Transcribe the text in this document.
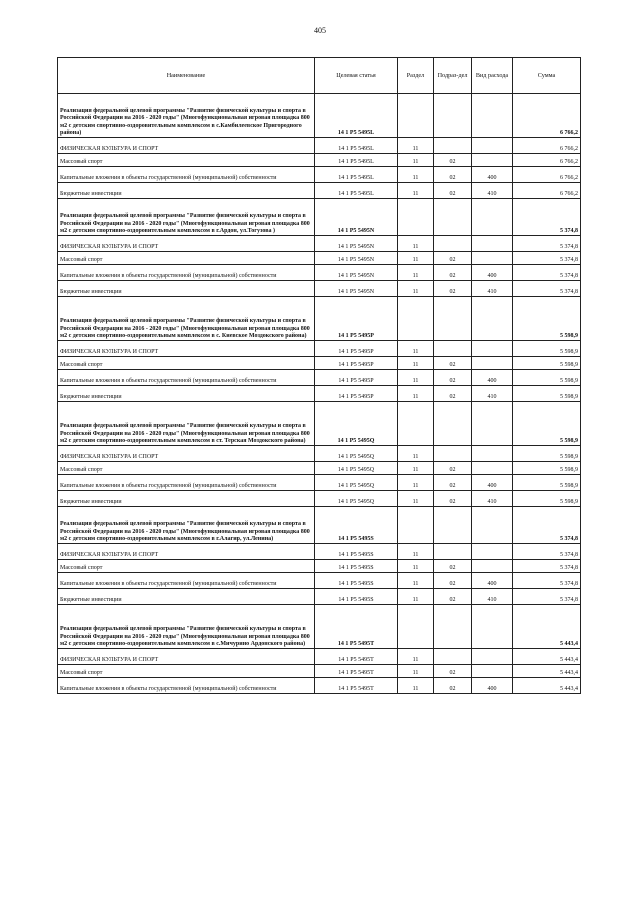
405
Наименование	Целевая статья	Раздел	Подраз-дел	Вид расхода	Сумма
Реализация федеральной целевой программы "Развитие физической культуры и спорта в Российской Федерации на 2016 - 2020 годы" (Многофункциональная игровая площадка 800 м2 с детским спортивно-оздоровительным комплексом в с.Камбилеевское Пригородного района)	14 1 P5 5495L				6 766,2
ФИЗИЧЕСКАЯ КУЛЬТУРА И СПОРТ	14 1 P5 5495L	11			6 766,2
Массовый спорт	14 1 P5 5495L	11	02		6 766,2
Капитальные вложения в объекты государственной (муниципальной) собственности	14 1 P5 5495L	11	02	400	6 766,2
Бюджетные инвестиции	14 1 P5 5495L	11	02	410	6 766,2
Реализация федеральной целевой программы "Развитие физической культуры и спорта в Российской Федерации на 2016 - 2020 годы" (Многофункциональная игровая площадка 800 м2 с детским спортивно-оздоровительным комплексом в г.Ардон, ул.Тогузова )	14 1 P5 5495N				5 374,8
ФИЗИЧЕСКАЯ КУЛЬТУРА И СПОРТ	14 1 P5 5495N	11			5 374,8
Массовый спорт	14 1 P5 5495N	11	02		5 374,8
Капитальные вложения в объекты государственной (муниципальной) собственности	14 1 P5 5495N	11	02	400	5 374,8
Бюджетные инвестиции	14 1 P5 5495N	11	02	410	5 374,8
Реализация федеральной целевой программы "Развитие физической культуры и спорта в Российской Федерации на 2016 - 2020 годы" (Многофункциональная игровая площадка 800 м2 с детским спортивно-оздоровительным комплексом в с. Киевское Моздокского района)	14 1 P5 5495P				5 598,9
ФИЗИЧЕСКАЯ КУЛЬТУРА И СПОРТ	14 1 P5 5495P	11			5 598,9
Массовый спорт	14 1 P5 5495P	11	02		5 598,9
Капитальные вложения в объекты государственной (муниципальной) собственности	14 1 P5 5495P	11	02	400	5 598,9
Бюджетные инвестиции	14 1 P5 5495P	11	02	410	5 598,9
Реализация федеральной целевой программы "Развитие физической культуры и спорта в Российской Федерации на 2016 - 2020 годы" (Многофункциональная игровая площадка 800 м2 с детским спортивно-оздоровительным комплексом в ст. Терская Моздокского района)	14 1 P5 5495Q				5 598,9
ФИЗИЧЕСКАЯ КУЛЬТУРА И СПОРТ	14 1 P5 5495Q	11			5 598,9
Массовый спорт	14 1 P5 5495Q	11	02		5 598,9
Капитальные вложения в объекты государственной (муниципальной) собственности	14 1 P5 5495Q	11	02	400	5 598,9
Бюджетные инвестиции	14 1 P5 5495Q	11	02	410	5 598,9
Реализация федеральной целевой программы "Развитие физической культуры и спорта в Российской Федерации на 2016 - 2020 годы" (Многофункциональная игровая площадка 800 м2 с детским спортивно-оздоровительным комплексом в г.Алагир, ул.Ленина)	14 1 P5 5495S				5 374,8
ФИЗИЧЕСКАЯ КУЛЬТУРА И СПОРТ	14 1 P5 5495S	11			5 374,8
Массовый спорт	14 1 P5 5495S	11	02		5 374,8
Капитальные вложения в объекты государственной (муниципальной) собственности	14 1 P5 5495S	11	02	400	5 374,8
Бюджетные инвестиции	14 1 P5 5495S	11	02	410	5 374,8
Реализация федеральной целевой программы "Развитие физической культуры и спорта в Российской Федерации на 2016 - 2020 годы" (Многофункциональная игровая площадка 800 м2 с детским спортивно-оздоровительным комплексом в с.Мичурино Ардонского района)	14 1 P5 5495T				5 443,4
ФИЗИЧЕСКАЯ КУЛЬТУРА И СПОРТ	14 1 P5 5495T	11			5 443,4
Массовый спорт	14 1 P5 5495T	11	02		5 443,4
Капитальные вложения в объекты государственной (муниципальной) собственности	14 1 P5 5495T	11	02	400	5 443,4
